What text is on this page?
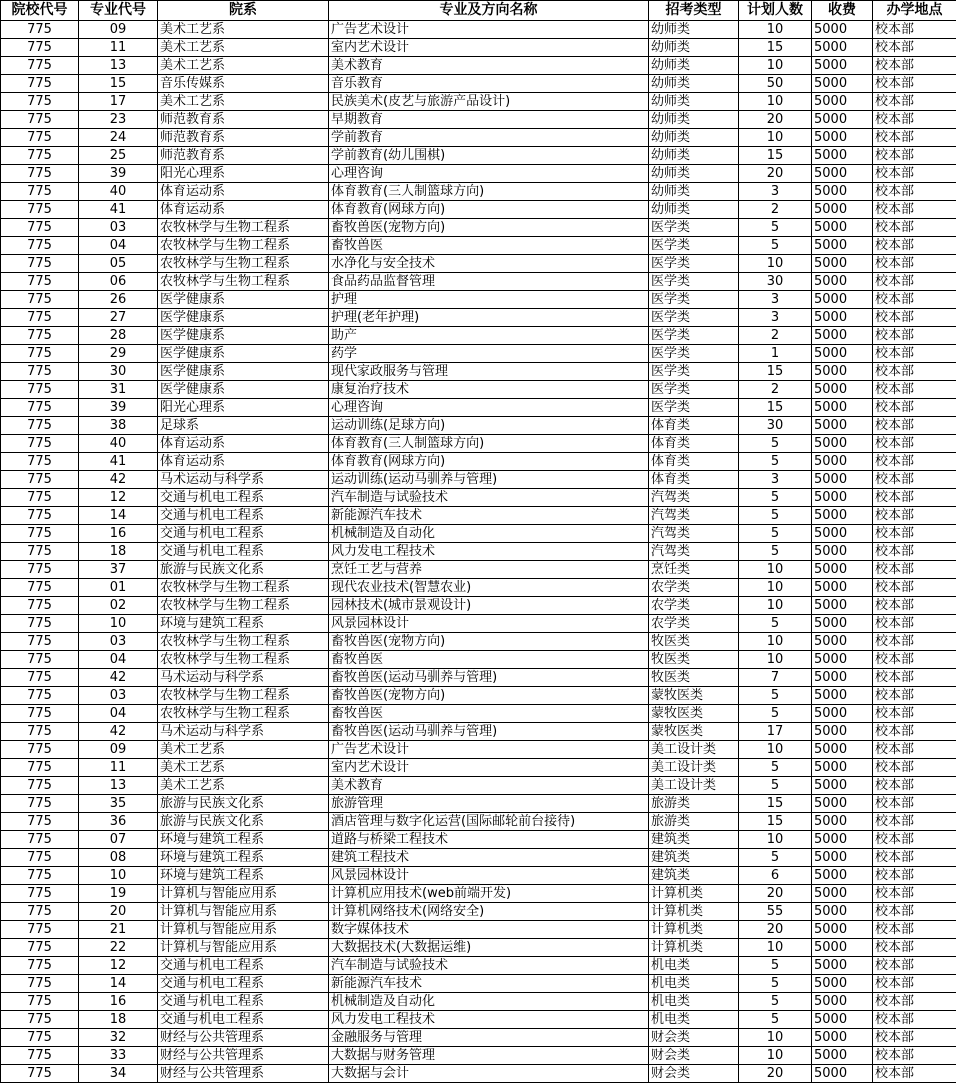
院校代号	专业代号	院系	专业及方向名称	招考类型	计划人数	收费	办学地点
775	09	美术工艺系	广告艺术设计	幼师类	10	5000	校本部
775	11	美术工艺系	室内艺术设计	幼师类	15	5000	校本部
775	13	美术工艺系	美术教育	幼师类	10	5000	校本部
775	15	音乐传媒系	音乐教育	幼师类	50	5000	校本部
775	17	美术工艺系	民族美术(皮艺与旅游产品设计)	幼师类	10	5000	校本部
775	23	师范教育系	早期教育	幼师类	20	5000	校本部
775	24	师范教育系	学前教育	幼师类	10	5000	校本部
775	25	师范教育系	学前教育(幼儿围棋)	幼师类	15	5000	校本部
775	39	阳光心理系	心理咨询	幼师类	20	5000	校本部
775	40	体育运动系	体育教育(三人制篮球方向)	幼师类	3	5000	校本部
775	41	体育运动系	体育教育(网球方向)	幼师类	2	5000	校本部
775	03	农牧林学与生物工程系	畜牧兽医(宠物方向)	医学类	5	5000	校本部
775	04	农牧林学与生物工程系	畜牧兽医	医学类	5	5000	校本部
775	05	农牧林学与生物工程系	水净化与安全技术	医学类	10	5000	校本部
775	06	农牧林学与生物工程系	食品药品监督管理	医学类	30	5000	校本部
775	26	医学健康系	护理	医学类	3	5000	校本部
775	27	医学健康系	护理(老年护理)	医学类	3	5000	校本部
775	28	医学健康系	助产	医学类	2	5000	校本部
775	29	医学健康系	药学	医学类	1	5000	校本部
775	30	医学健康系	现代家政服务与管理	医学类	15	5000	校本部
775	31	医学健康系	康复治疗技术	医学类	2	5000	校本部
775	39	阳光心理系	心理咨询	医学类	15	5000	校本部
775	38	足球系	运动训练(足球方向)	体育类	30	5000	校本部
775	40	体育运动系	体育教育(三人制篮球方向)	体育类	5	5000	校本部
775	41	体育运动系	体育教育(网球方向)	体育类	5	5000	校本部
775	42	马术运动与科学系	运动训练(运动马驯养与管理)	体育类	3	5000	校本部
775	12	交通与机电工程系	汽车制造与试验技术	汽驾类	5	5000	校本部
775	14	交通与机电工程系	新能源汽车技术	汽驾类	5	5000	校本部
775	16	交通与机电工程系	机械制造及自动化	汽驾类	5	5000	校本部
775	18	交通与机电工程系	风力发电工程技术	汽驾类	5	5000	校本部
775	37	旅游与民族文化系	烹饪工艺与营养	烹饪类	10	5000	校本部
775	01	农牧林学与生物工程系	现代农业技术(智慧农业)	农学类	10	5000	校本部
775	02	农牧林学与生物工程系	园林技术(城市景观设计)	农学类	10	5000	校本部
775	10	环境与建筑工程系	风景园林设计	农学类	5	5000	校本部
775	03	农牧林学与生物工程系	畜牧兽医(宠物方向)	牧医类	10	5000	校本部
775	04	农牧林学与生物工程系	畜牧兽医	牧医类	10	5000	校本部
775	42	马术运动与科学系	畜牧兽医(运动马驯养与管理)	牧医类	7	5000	校本部
775	03	农牧林学与生物工程系	畜牧兽医(宠物方向)	蒙牧医类	5	5000	校本部
775	04	农牧林学与生物工程系	畜牧兽医	蒙牧医类	5	5000	校本部
775	42	马术运动与科学系	畜牧兽医(运动马驯养与管理)	蒙牧医类	17	5000	校本部
775	09	美术工艺系	广告艺术设计	美工设计类	10	5000	校本部
775	11	美术工艺系	室内艺术设计	美工设计类	5	5000	校本部
775	13	美术工艺系	美术教育	美工设计类	5	5000	校本部
775	35	旅游与民族文化系	旅游管理	旅游类	15	5000	校本部
775	36	旅游与民族文化系	酒店管理与数字化运营(国际邮轮前台接待)	旅游类	15	5000	校本部
775	07	环境与建筑工程系	道路与桥梁工程技术	建筑类	10	5000	校本部
775	08	环境与建筑工程系	建筑工程技术	建筑类	5	5000	校本部
775	10	环境与建筑工程系	风景园林设计	建筑类	6	5000	校本部
775	19	计算机与智能应用系	计算机应用技术(web前端开发)	计算机类	20	5000	校本部
775	20	计算机与智能应用系	计算机网络技术(网络安全)	计算机类	55	5000	校本部
775	21	计算机与智能应用系	数字媒体技术	计算机类	20	5000	校本部
775	22	计算机与智能应用系	大数据技术(大数据运维)	计算机类	10	5000	校本部
775	12	交通与机电工程系	汽车制造与试验技术	机电类	5	5000	校本部
775	14	交通与机电工程系	新能源汽车技术	机电类	5	5000	校本部
775	16	交通与机电工程系	机械制造及自动化	机电类	5	5000	校本部
775	18	交通与机电工程系	风力发电工程技术	机电类	5	5000	校本部
775	32	财经与公共管理系	金融服务与管理	财会类	10	5000	校本部
775	33	财经与公共管理系	大数据与财务管理	财会类	10	5000	校本部
775	34	财经与公共管理系	大数据与会计	财会类	20	5000	校本部
